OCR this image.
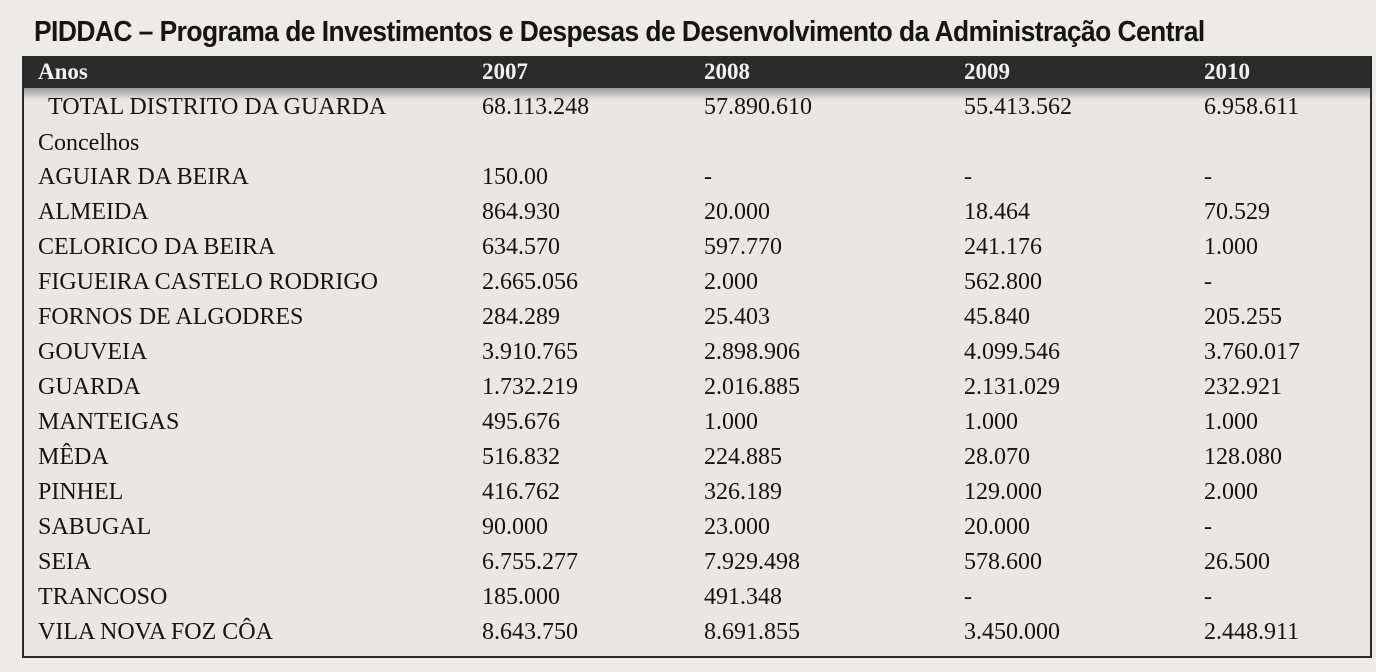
PIDDAC – Programa de Investimentos e Despesas de Desenvolvimento da Administração Central
Anos	2007	2008	2009	2010
TOTAL DISTRITO DA GUARDA	68.113.248	57.890.610	55.413.562	6.958.611
Concelhos
AGUIAR DA BEIRA	150.00	-	-	-
ALMEIDA	864.930	20.000	18.464	70.529
CELORICO DA BEIRA	634.570	597.770	241.176	1.000
FIGUEIRA CASTELO RODRIGO	2.665.056	2.000	562.800	-
FORNOS DE ALGODRES	284.289	25.403	45.840	205.255
GOUVEIA	3.910.765	2.898.906	4.099.546	3.760.017
GUARDA	1.732.219	2.016.885	2.131.029	232.921
MANTEIGAS	495.676	1.000	1.000	1.000
MÊDA	516.832	224.885	28.070	128.080
PINHEL	416.762	326.189	129.000	2.000
SABUGAL	90.000	23.000	20.000	-
SEIA	6.755.277	7.929.498	578.600	26.500
TRANCOSO	185.000	491.348	-	-
VILA NOVA FOZ CÔA	8.643.750	8.691.855	3.450.000	2.448.911
